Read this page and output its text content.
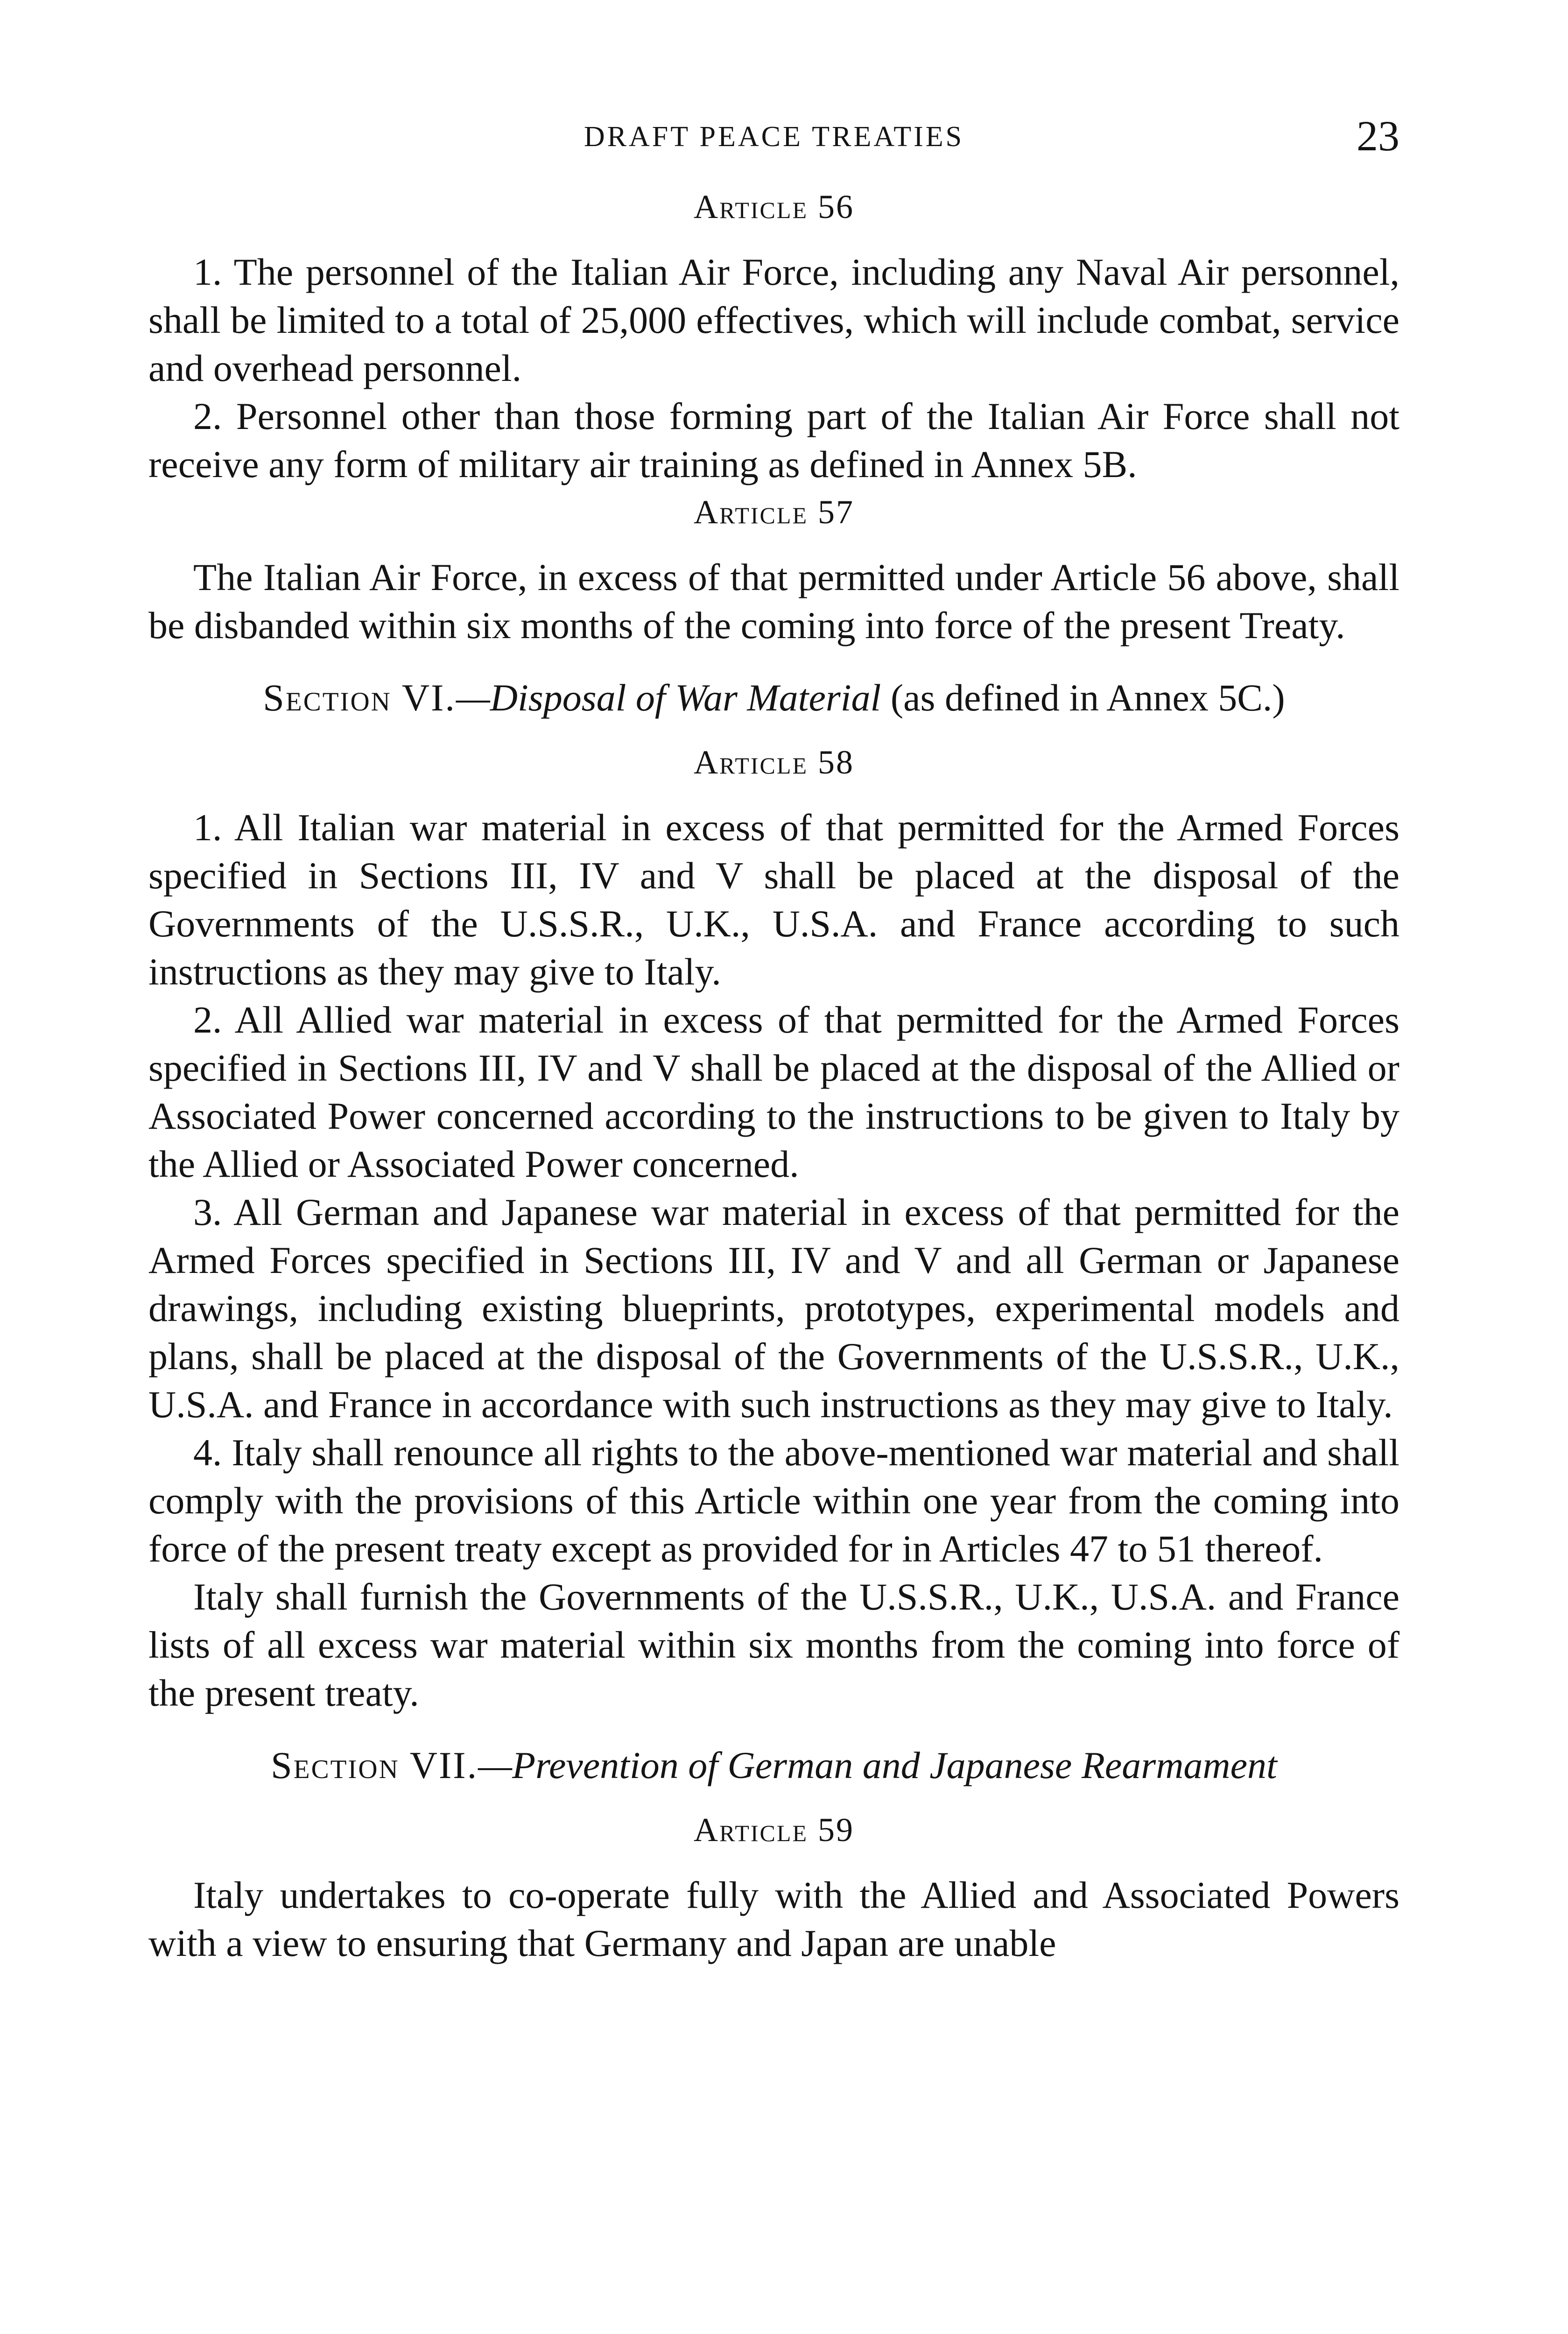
DRAFT PEACE TREATIES	23
Article 56

1. The personnel of the Italian Air Force, including any Naval Air personnel, shall be limited to a total of 25,000 effectives, which will include combat, service and overhead personnel.

2. Personnel other than those forming part of the Italian Air Force shall not receive any form of military air training as defined in Annex 5B.

Article 57

The Italian Air Force, in excess of that permitted under Article 56 above, shall be disbanded within six months of the coming into force of the present Treaty.

Section VI.—Disposal of War Material (as defined in Annex 5C.)

Article 58

1. All Italian war material in excess of that permitted for the Armed Forces specified in Sections III, IV and V shall be placed at the disposal of the Governments of the U.S.S.R., U.K., U.S.A. and France according to such instructions as they may give to Italy.

2. All Allied war material in excess of that permitted for the Armed Forces specified in Sections III, IV and V shall be placed at the disposal of the Allied or Associated Power concerned according to the instructions to be given to Italy by the Allied or Associated Power concerned.

3. All German and Japanese war material in excess of that permitted for the Armed Forces specified in Sections III, IV and V and all German or Japanese drawings, including existing blueprints, prototypes, experimental models and plans, shall be placed at the disposal of the Governments of the U.S.S.R., U.K., U.S.A. and France in accordance with such instructions as they may give to Italy.

4. Italy shall renounce all rights to the above-mentioned war material and shall comply with the provisions of this Article within one year from the coming into force of the present treaty except as provided for in Articles 47 to 51 thereof.

Italy shall furnish the Governments of the U.S.S.R., U.K., U.S.A. and France lists of all excess war material within six months from the coming into force of the present treaty.

Section VII.—Prevention of German and Japanese Rearmament

Article 59

Italy undertakes to co-operate fully with the Allied and Associated Powers with a view to ensuring that Germany and Japan are unable
